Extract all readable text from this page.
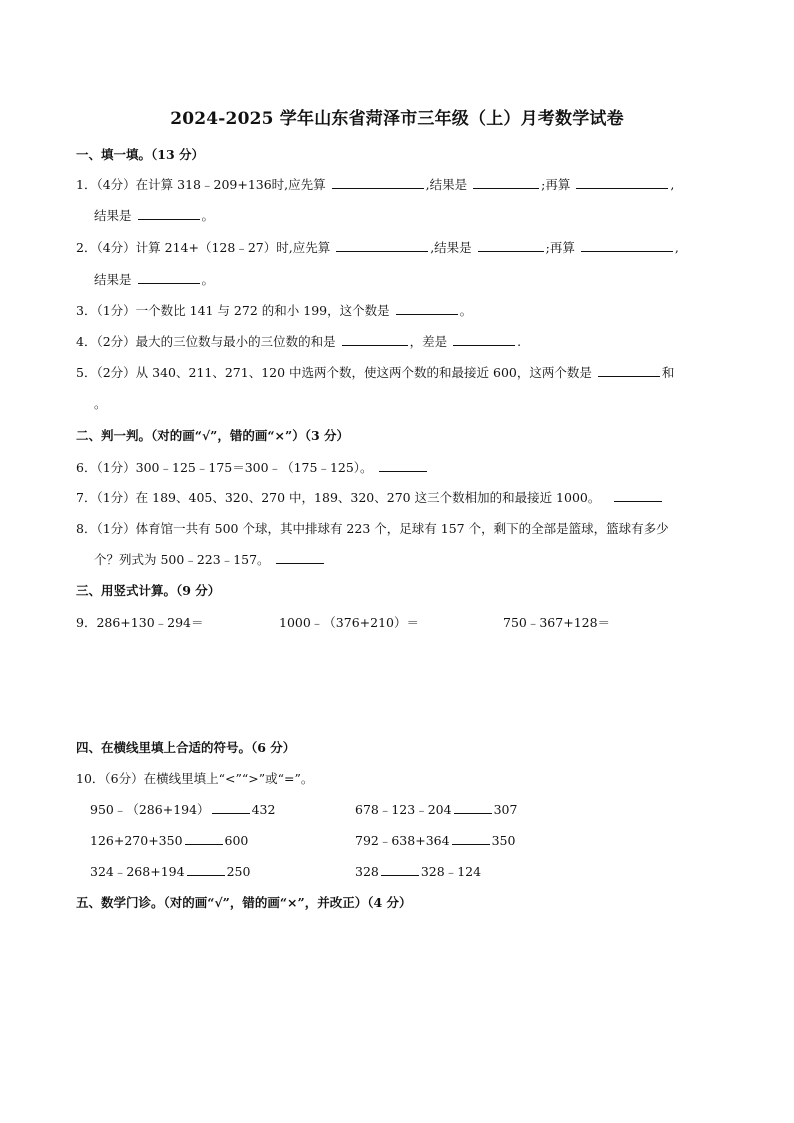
2024-2025 学年山东省菏泽市三年级（上）月考数学试卷
一、填一填。（13 分）
1．（4分）在计算 318﹣209+136时,应先算	,结果是	;再算	,
结果是	。
2．（4分）计算 214+（128﹣27）时,应先算	,结果是	;再算	,
结果是	。
3．（1分）一个数比 141 与 272 的和小 199，这个数是	。
4．（2分）最大的三位数与最小的三位数的和是	，差是	.
5．（2分）从 340、211、271、120 中选两个数，使这两个数的和最接近 600，这两个数是	和
。
二、判一判。（对的画“√”，错的画“×”）（3 分）
6．（1分）300﹣125﹣175＝300﹣（175﹣125）。
7．（1分）在 189、405、320、270 中，189、320、270 这三个数相加的和最接近 1000。
8．（1分）体育馆一共有 500 个球，其中排球有 223 个，足球有 157 个，剩下的全部是篮球，篮球有多少
个？列式为 500﹣223﹣157。
三、用竖式计算。（9 分）
9．286+130﹣294＝	1000﹣（376+210）＝	750﹣367+128＝
四、在横线里填上合适的符号。（6 分）
10．（6分）在横线里填上“<”“>”或“=”。
950﹣（286+194）	432	678﹣123﹣204	307
126+270+350	600	792﹣638+364	350
324﹣268+194	250	328	328﹣124
五、数学门诊。（对的画“√”，错的画“×”，并改正）（4 分）
